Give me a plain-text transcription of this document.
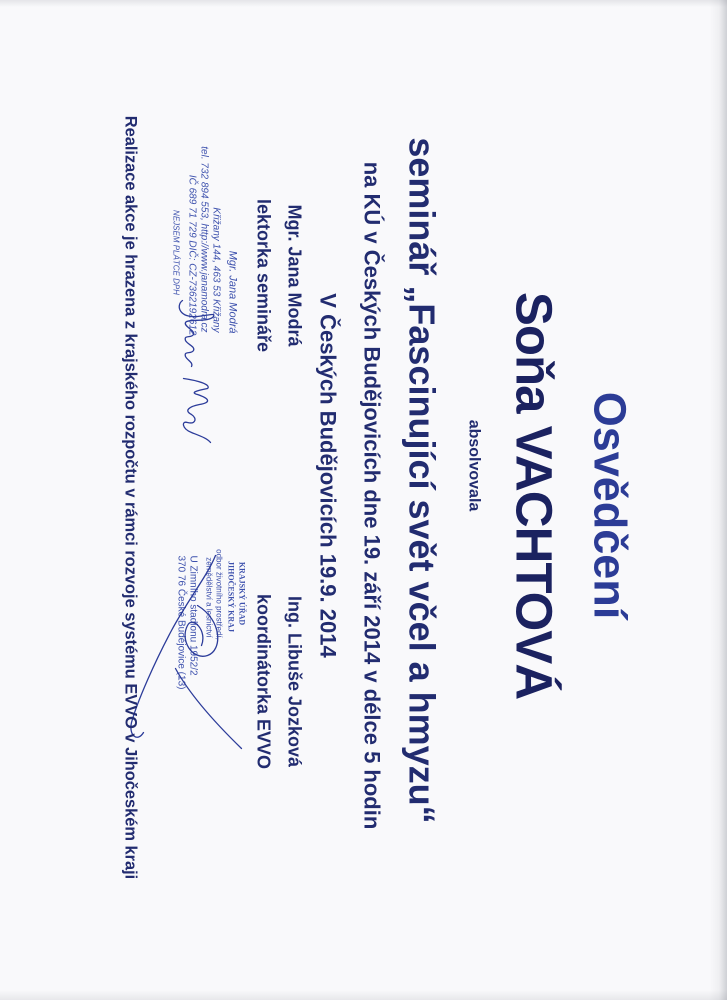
Osvědčení
Soňa VACHTOVÁ
absolvovala
seminář „Fascinující svět včel a hmyzu“
na KÚ v Českých Budějovicích dne 19. září 2014 v délce 5 hodin
V Českých Budějovicích 19.9. 2014
Mgr. Jana Modrá
lektorka semináře
Ing. Libuše Jozková
koordinátorka EVVO
Mgr. Jana Modrá
Křižany 144, 463 53 Křižany
tel. 732 894 553, http://www.janamodra.cz
IČ 689 71 729 DIČ: CZ-7362192612
NEJSEM PLÁTCE DPH
KRAJSKÝ ÚŘAD
JIHOČESKÝ KRAJ
odbor životního prostředí,
zemědělství a lesnictví
U Zimního stadionu 1952/2
370 76 České Budějovice (13)
Realizace akce je hrazena z krajského rozpočtu v rámci rozvoje systému EVVO v Jihočeském kraji
